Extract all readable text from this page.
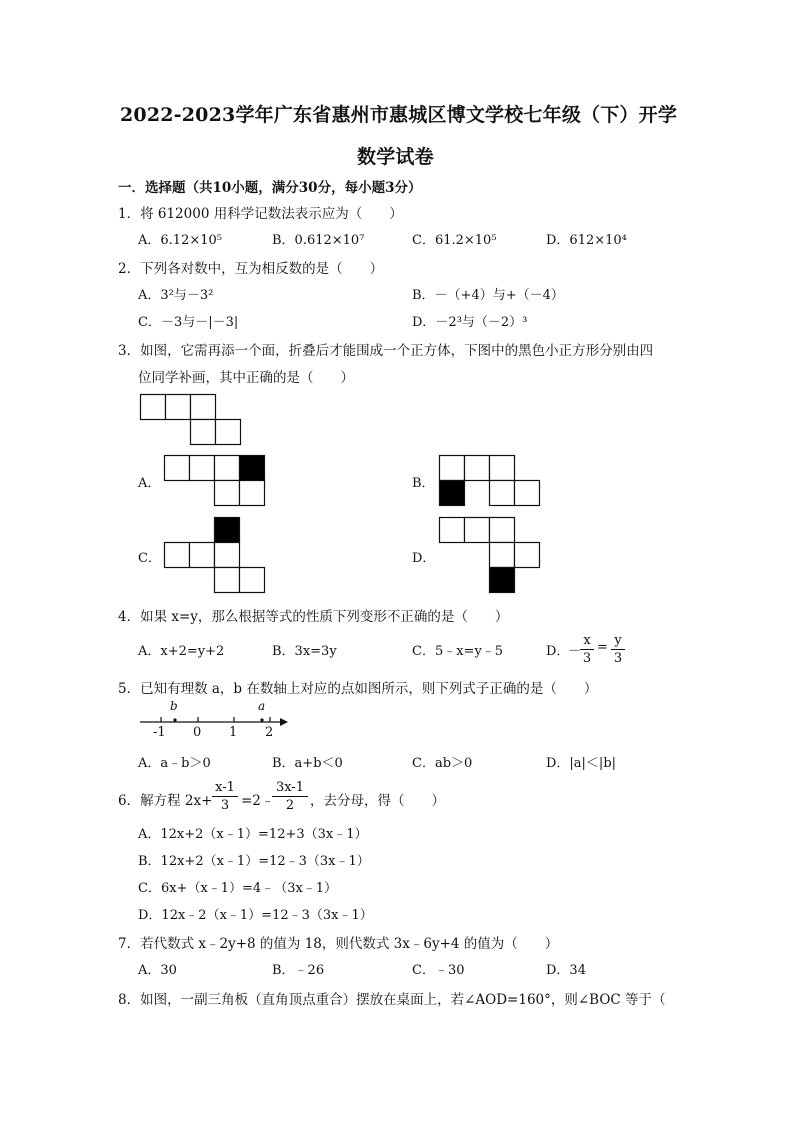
2022-2023学年广东省惠州市惠城区博文学校七年级（下）开学
数学试卷
一．选择题（共10小题，满分30分，每小题3分）
1．将 612000 用科学记数法表示应为（　　）
A．6.12×10⁵	B．0.612×10⁷	C．61.2×10⁵	D．612×10⁴
2．下列各对数中，互为相反数的是（　　）
A．3²与－3²	B．－（+4）与+（－4）
C．－3与－|－3|	D．－2³与（－2）³
3．如图，它需再添一个面，折叠后才能围成一个正方体，下图中的黑色小正方形分别由四
位同学补画，其中正确的是（　　）
A．	B．
C．	D．
4．如果 x=y，那么根据等式的性质下列变形不正确的是（　　）
A．x+2=y+2	B．3x=3y	C．5﹣x=y﹣5	D．
－
x
3
= y
3
5．已知有理数 a，b 在数轴上对应的点如图所示，则下列式子正确的是（　　）
b	a
-1 0 1 2
A．a﹣b＞0	B．a+b＜0	C．ab＞0	D．|a|＜|b|
6．解方程 2x+
x-1
3 =2﹣
3x-1
2	，去分母，得（　　）
A．12x+2（x﹣1）=12+3（3x﹣1）
B．12x+2（x﹣1）=12﹣3（3x﹣1）
C．6x+（x﹣1）=4﹣（3x﹣1）
D．12x﹣2（x﹣1）=12﹣3（3x﹣1）
7．若代数式 x﹣2y+8 的值为 18，则代数式 3x﹣6y+4 的值为（　　）
A．30	B．﹣26	C．﹣30	D．34
8．如图，一副三角板（直角顶点重合）摆放在桌面上，若∠AOD=160°，则∠BOC 等于（
